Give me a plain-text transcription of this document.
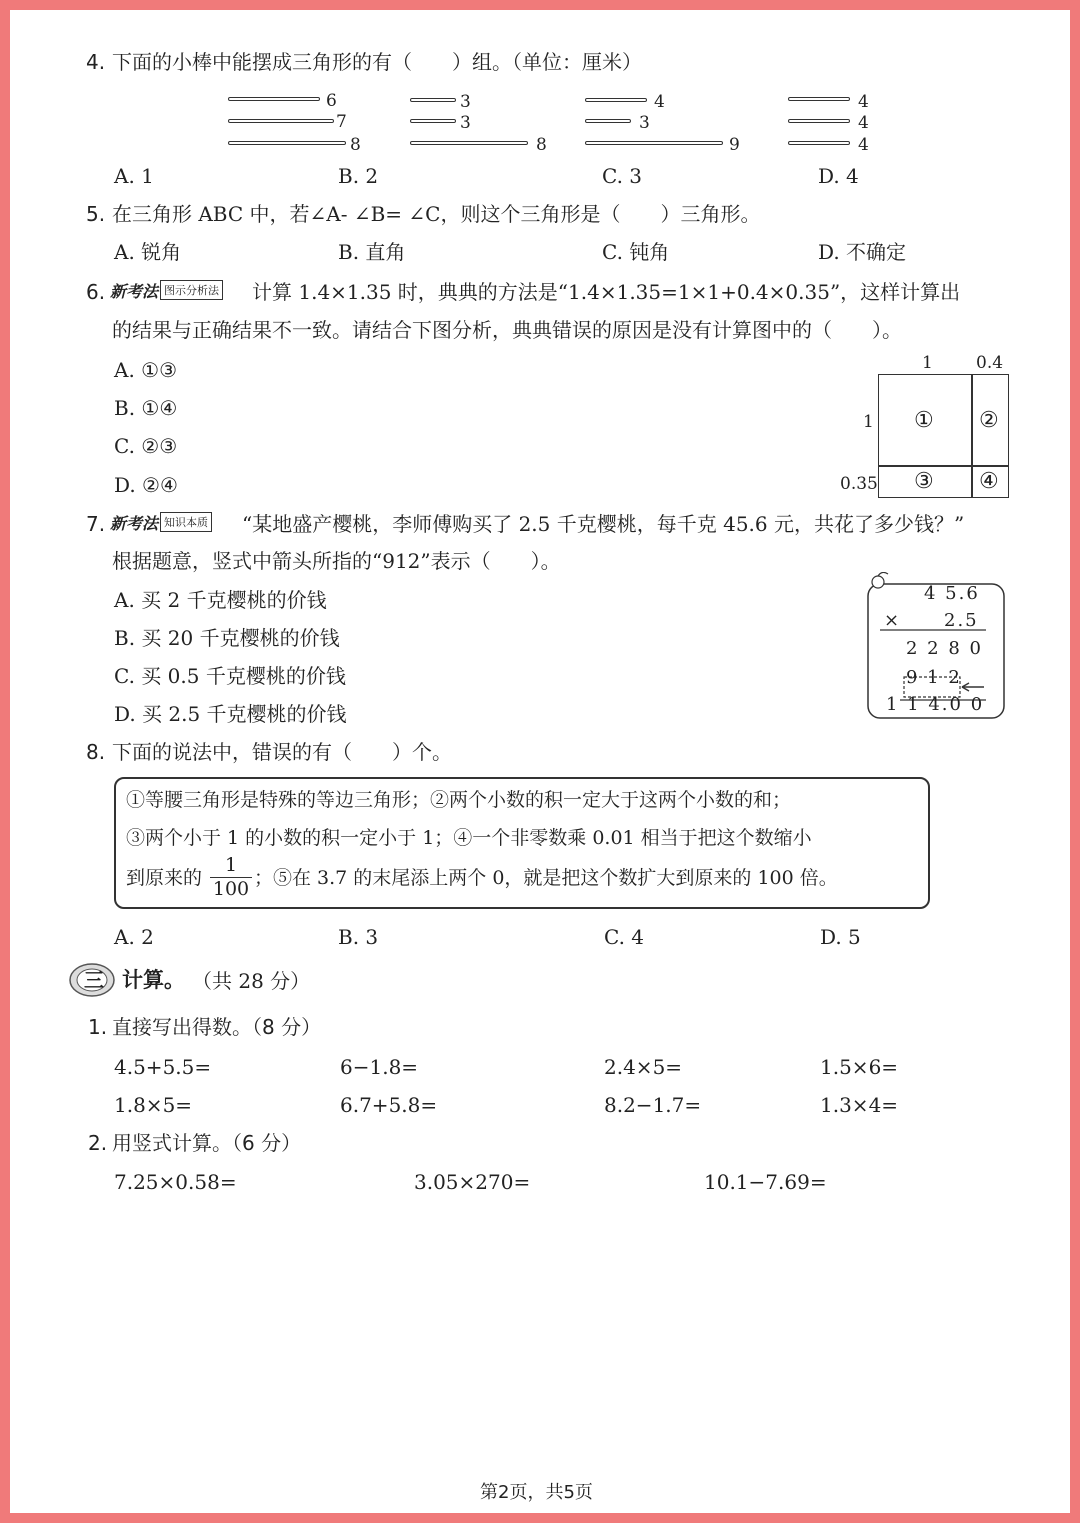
4. 下面的小棒中能摆成三角形的有（　　）组。（单位：厘米）
6
7
8
3
3
8
4
3
9
4
4
4
A. 1	B. 2	C. 3	D. 4
5. 在三角形 ABC 中，若∠A- ∠B= ∠C，则这个三角形是（　　）三角形。
A. 锐角	B. 直角	C. 钝角	D. 不确定
6. 新考法 图示分析法 计算 1.4×1.35 时，典典的方法是“1.4×1.35=1×1+0.4×0.35”，这样计算出
的结果与正确结果不一致。请结合下图分析，典典错误的原因是没有计算图中的（　　）。
A. ①③
B. ①④
C. ②③
D. ②④
1	0.4
1
0.35
① ②
③ ④
7. 新考法 知识本质 “某地盛产樱桃，李师傅购买了 2.5 千克樱桃，每千克 45.6 元，共花了多少钱？”
根据题意，竖式中箭头所指的“912”表示（　　）。
A. 买 2 千克樱桃的价钱
B. 买 20 千克樱桃的价钱
C. 买 0.5 千克樱桃的价钱
D. 买 2.5 千克樱桃的价钱
4 5.6
× 2.5
2 2 8 0
9 1 2
1 1 4.0 0
8. 下面的说法中，错误的有（　　）个。
①等腰三角形是特殊的等边三角形；②两个小数的积一定大于这两个小数的和；
③两个小于 1 的小数的积一定小于 1；④一个非零数乘 0.01 相当于把这个数缩小
到原来的
1
100 ；⑤在 3.7 的末尾添上两个 0，就是把这个数扩大到原来的 100 倍。
A. 2	B. 3	C. 4	D. 5
三 计算。 （共 28 分）
1. 直接写出得数。（8 分）
4.5+5.5=	6−1.8=	2.4×5=	1.5×6=
1.8×5=	6.7+5.8=	8.2−1.7=	1.3×4=
2. 用竖式计算。（6 分）
7.25×0.58=	3.05×270=	10.1−7.69=
第2页，共5页
